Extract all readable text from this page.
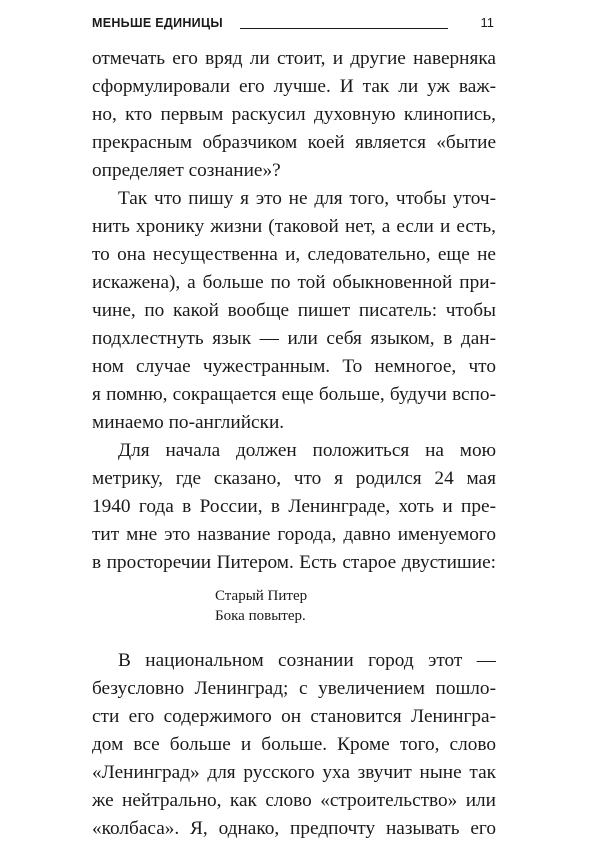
МЕНЬШЕ ЕДИНИЦЫ	11
отмечать его вряд ли стоит, и другие наверняка
сформулировали его лучше. И так ли уж важ-
но, кто первым раскусил духовную клинопись,
прекрасным образчиком коей является «бытие
определяет сознание»?
Так что пишу я это не для того, чтобы уточ-
нить хронику жизни (таковой нет, а если и есть,
то она несущественна и, следовательно, еще не
искажена), а больше по той обыкновенной при-
чине, по какой вообще пишет писатель: чтобы
подхлестнуть язык — или себя языком, в дан-
ном случае чужестранным. То немногое, что
я помню, сокращается еще больше, будучи вспо-
минаемо по-английски.
Для начала должен положиться на мою
метрику, где сказано, что я родился 24 мая
1940 года в России, в Ленинграде, хоть и пре-
тит мне это название города, давно именуемого
в просторечии Питером. Есть старое двустишие:
Старый Питер
Бока повытер.
В национальном сознании город этот —
безусловно Ленинград; с увеличением пошло-
сти его содержимого он становится Ленингра-
дом все больше и больше. Кроме того, слово
«Ленинград» для русского уха звучит ныне так
же нейтрально, как слово «строительство» или
«колбаса». Я, однако, предпочту называть его
